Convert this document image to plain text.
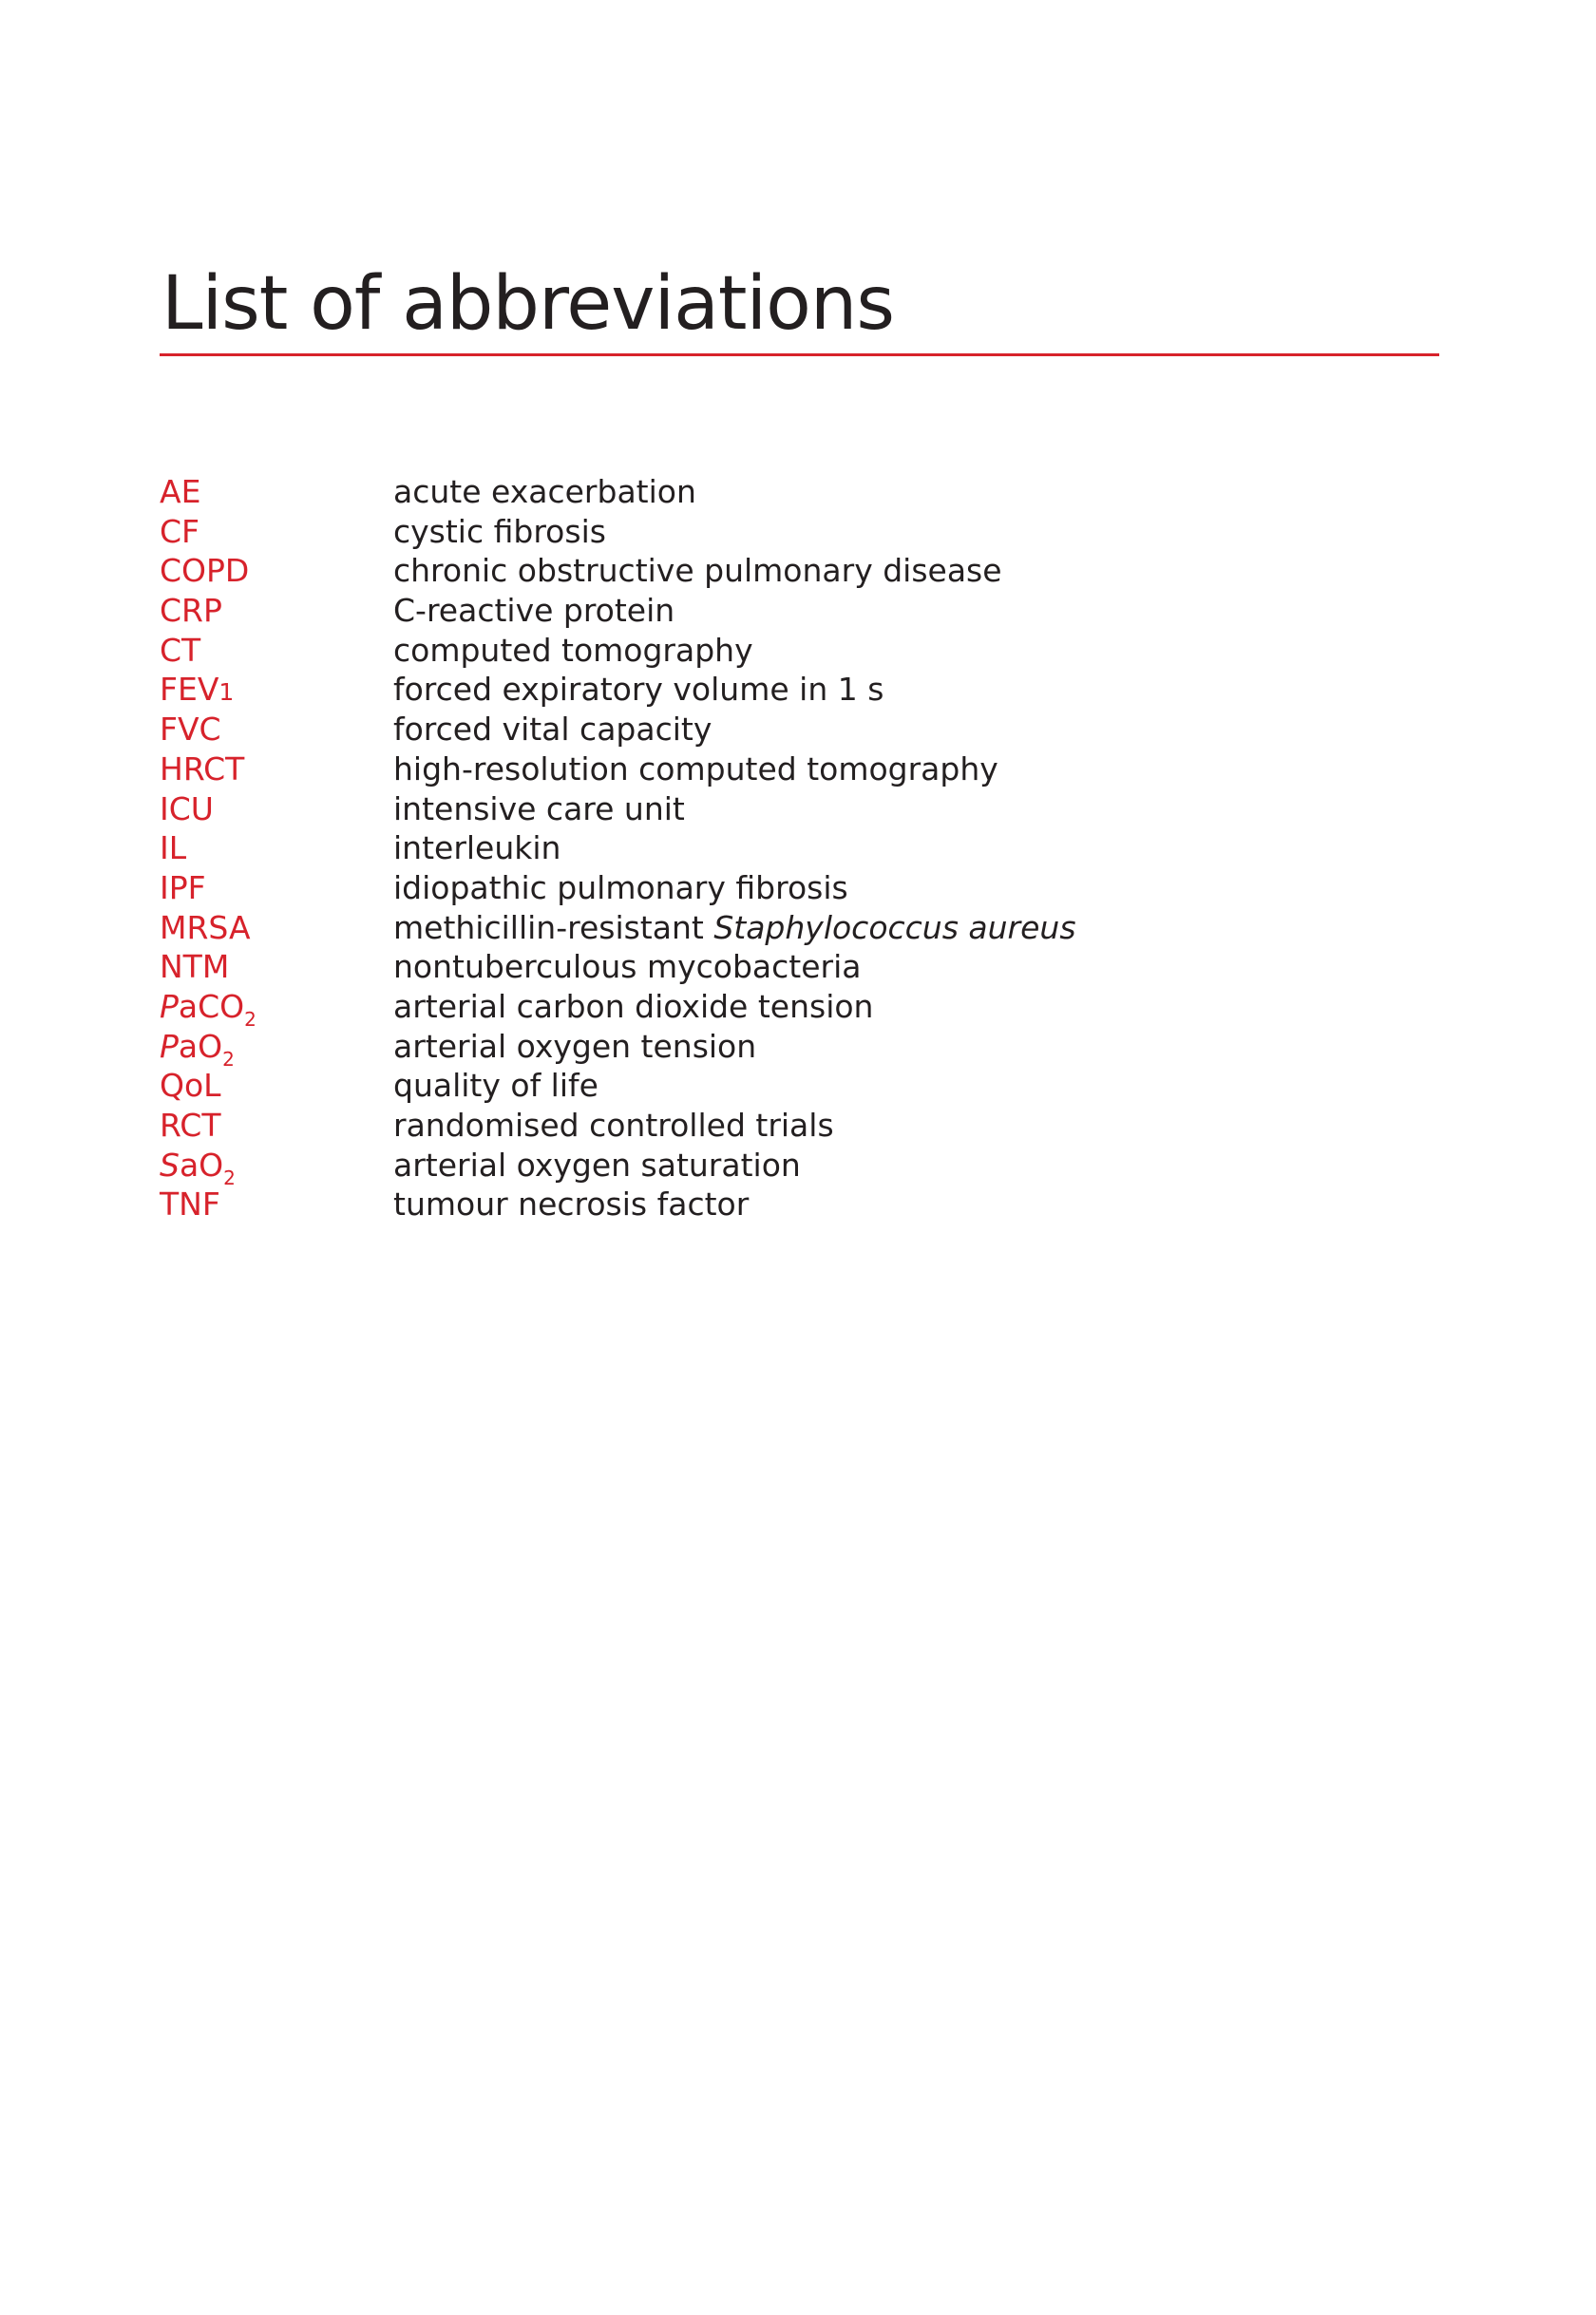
List of abbreviations
AE	acute exacerbation
CF	cystic fibrosis
COPD	chronic obstructive pulmonary disease
CRP	C-reactive protein
CT	computed tomography
FEV1	forced expiratory volume in 1 s
FVC	forced vital capacity
HRCT	high-resolution computed tomography
ICU	intensive care unit
IL	interleukin
IPF	idiopathic pulmonary fibrosis
MRSA	methicillin-resistant Staphylococcus aureus
NTM	nontuberculous mycobacteria
PaCO$_2$	arterial carbon dioxide tension
PaO$_2$	arterial oxygen tension
QoL	quality of life
RCT	randomised controlled trials
SaO$_2$	arterial oxygen saturation
TNF	tumour necrosis factor
